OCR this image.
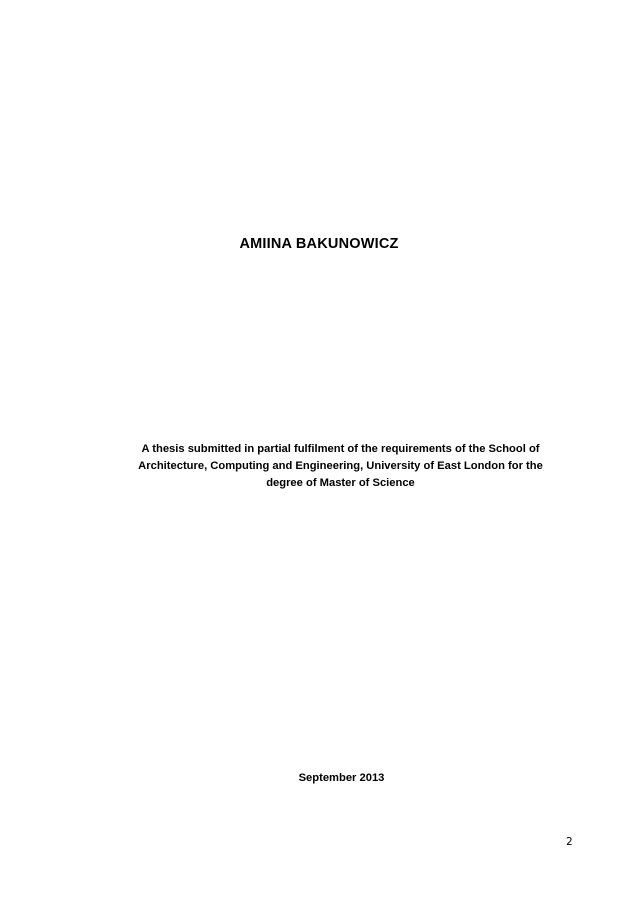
AMIINA BAKUNOWICZ
A thesis submitted in partial fulfilment of the requirements of the School of
Architecture, Computing and Engineering, University of East London for the
degree of Master of Science
September 2013
2
